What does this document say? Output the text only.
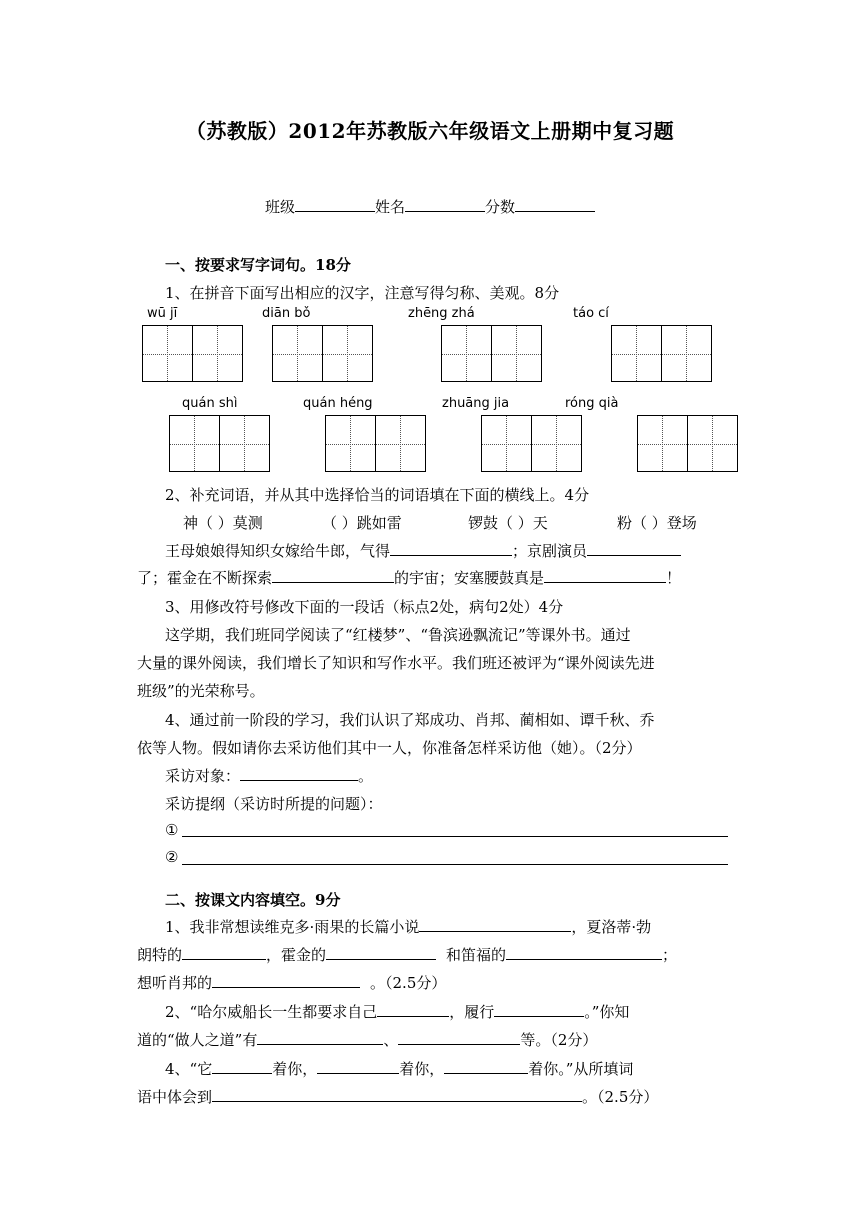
（苏教版）2012年苏教版六年级语文上册期中复习题
班级	姓名	分数
一、按要求写字词句。18分
1、在拼音下面写出相应的汉字，注意写得匀称、美观。8分
wū jī	diān bǒ	zhēng zhá	táo cí
quán shì	quán héng	zhuāng jia	róng qià
2、补充词语，并从其中选择恰当的词语填在下面的横线上。4分
神（ ）莫测	（ ）跳如雷	锣鼓（ ）天	粉（ ）登场
王母娘娘得知织女嫁给牛郎，气得	；京剧演员
了；霍金在不断探索	的宇宙；安塞腰鼓真是	！
3、用修改符号修改下面的一段话（标点2处，病句2处）4分
这学期，我们班同学阅读了“红楼梦”、“鲁滨逊飘流记”等课外书。通过
大量的课外阅读，我们增长了知识和写作水平。我们班还被评为“课外阅读先进
班级”的光荣称号。
4、通过前一阶段的学习，我们认识了郑成功、肖邦、蔺相如、谭千秋、乔
依等人物。假如请你去采访他们其中一人，你准备怎样采访他（她）。（2分）
采访对象：	。
采访提纲（采访时所提的问题）：
①
②
二、按课文内容填空。9分
1、我非常想读维克多·雨果的长篇小说	，夏洛蒂·勃
朗特的	，霍金的	和笛福的	；
想听肖邦的	。（2.5分）
2、“哈尔威船长一生都要求自己	，履行	。”你知
道的“做人之道”有	、	等。（2分）
4、“它	着你，	着你，	着你。”从所填词
语中体会到	。（2.5分）
